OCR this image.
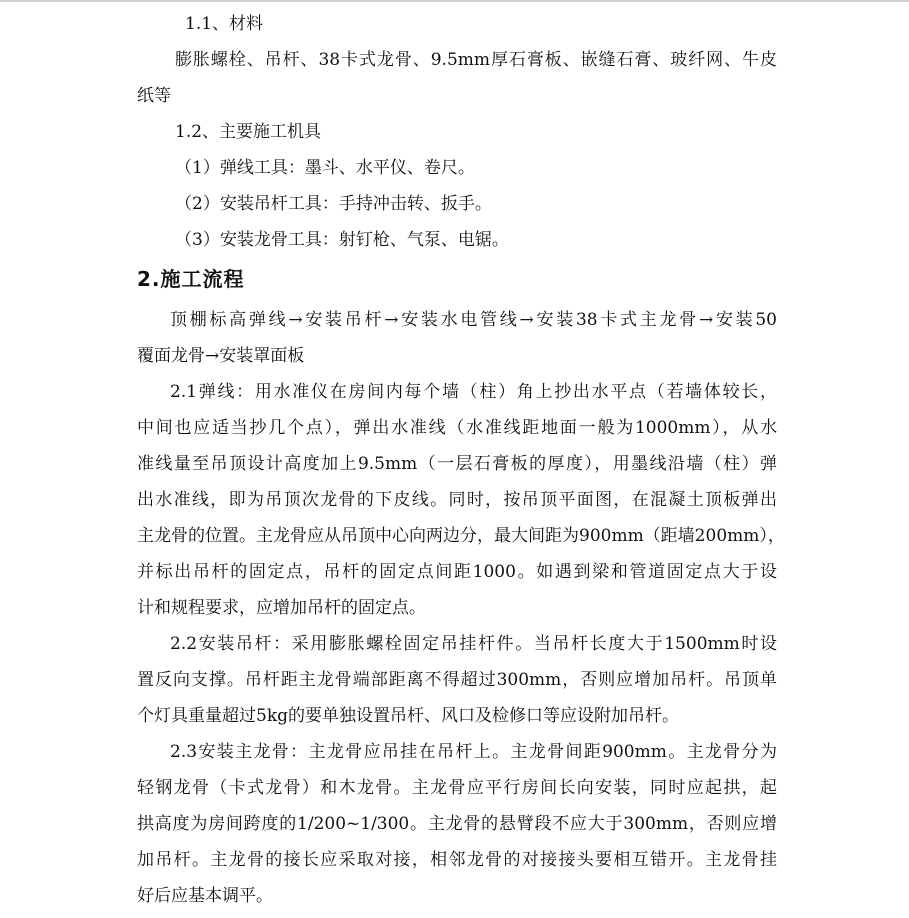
1.1、材料
膨胀螺栓、吊杆、38卡式龙骨、9.5mm厚石膏板、嵌缝石膏、玻纤网、牛皮
纸等
1.2、主要施工机具
（1）弹线工具：墨斗、水平仪、卷尺。
（2）安装吊杆工具：手持冲击转、扳手。
（3）安装龙骨工具：射钉枪、气泵、电锯。
2.施工流程
顶棚标高弹线→安装吊杆→安装水电管线→安装38卡式主龙骨→安装50
覆面龙骨→安装罩面板
2.1弹线：用水准仪在房间内每个墙（柱）角上抄出水平点（若墙体较长，
中间也应适当抄几个点），弹出水准线（水准线距地面一般为1000mm），从水
准线量至吊顶设计高度加上9.5mm（一层石膏板的厚度），用墨线沿墙（柱）弹
出水准线，即为吊顶次龙骨的下皮线。同时，按吊顶平面图，在混凝土顶板弹出
主龙骨的位置。主龙骨应从吊顶中心向两边分，最大间距为900mm（距墙200mm），
并标出吊杆的固定点，吊杆的固定点间距1000。如遇到梁和管道固定点大于设
计和规程要求，应增加吊杆的固定点。
2.2安装吊杆：采用膨胀螺栓固定吊挂杆件。当吊杆长度大于1500mm时设
置反向支撑。吊杆距主龙骨端部距离不得超过300mm，否则应增加吊杆。吊顶单
个灯具重量超过5kg的要单独设置吊杆、风口及检修口等应设附加吊杆。
2.3安装主龙骨：主龙骨应吊挂在吊杆上。主龙骨间距900mm。主龙骨分为
轻钢龙骨（卡式龙骨）和木龙骨。主龙骨应平行房间长向安装，同时应起拱，起
拱高度为房间跨度的1/200~1/300。主龙骨的悬臂段不应大于300mm，否则应增
加吊杆。主龙骨的接长应采取对接，相邻龙骨的对接接头要相互错开。主龙骨挂
好后应基本调平。
